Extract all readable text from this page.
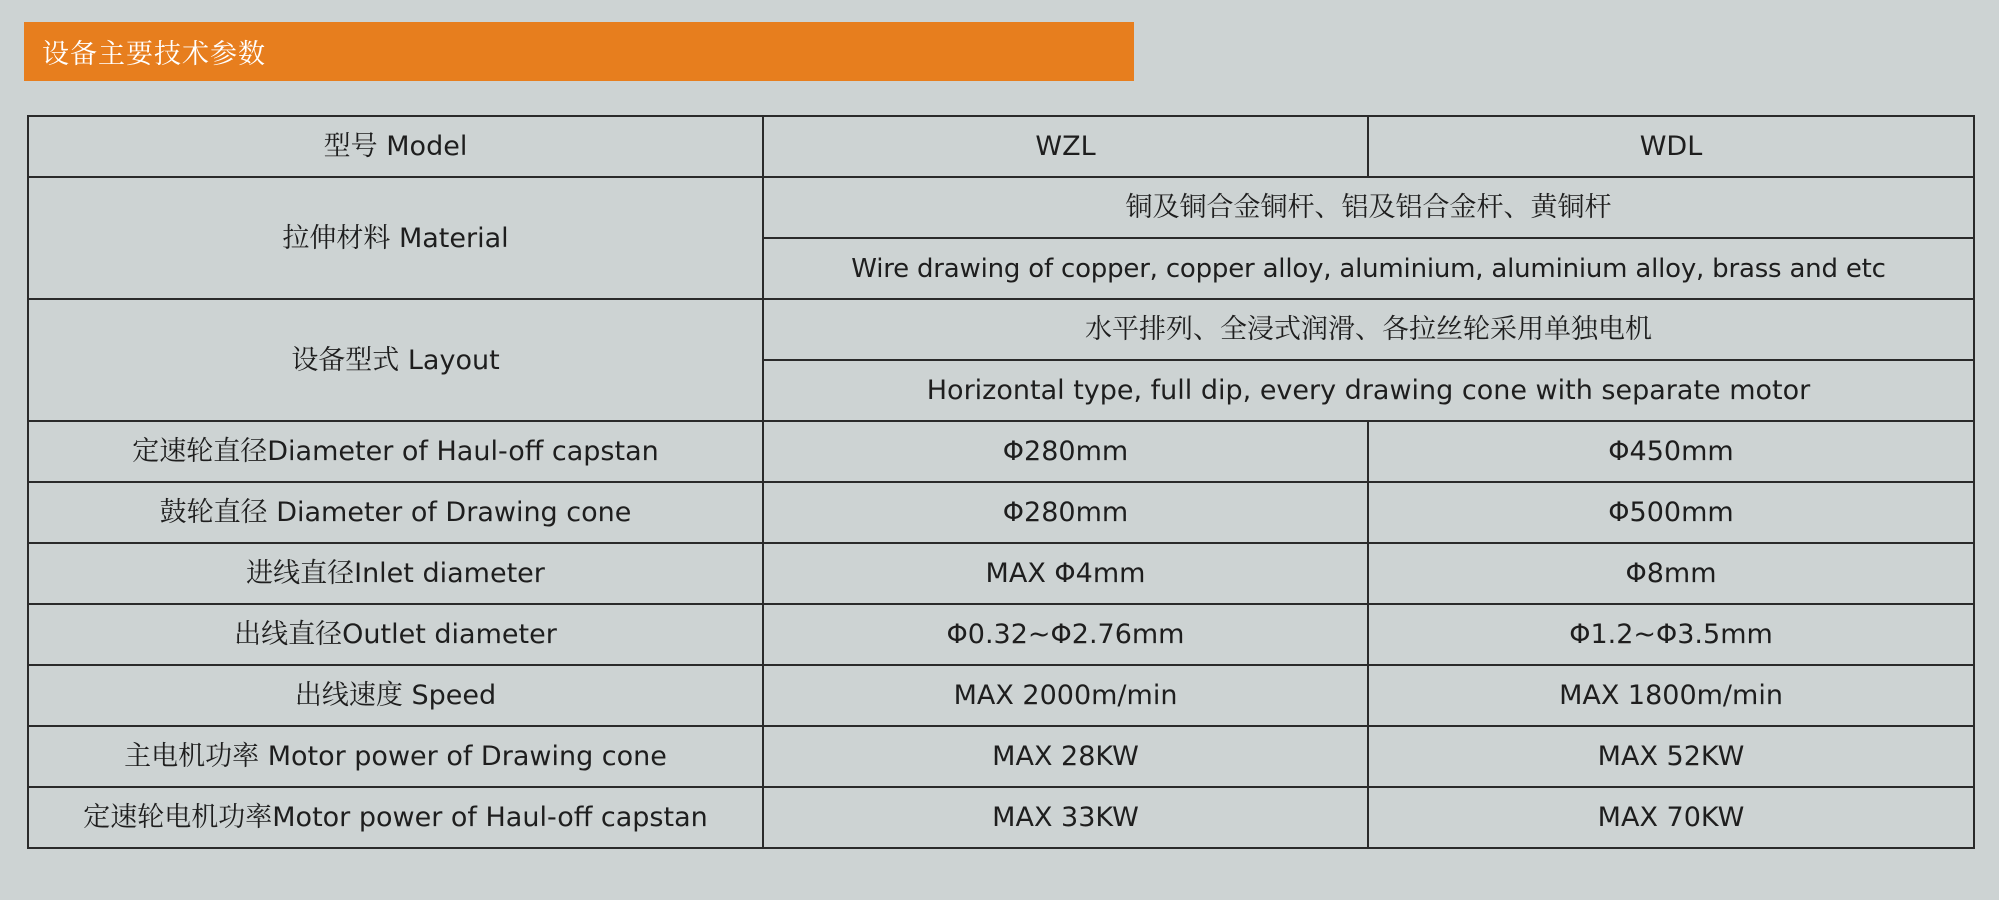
设备主要技术参数
型号 Model	WZL	WDL
拉伸材料 Material	铜及铜合金铜杆、铝及铝合金杆、黄铜杆	
	Wire drawing of copper, copper alloy, aluminium, aluminium alloy, brass and etc	
设备型式 Layout	水平排列、全浸式润滑、各拉丝轮采用单独电机	
	Horizontal type, full dip, every drawing cone with separate motor	
定速轮直径Diameter of Haul-off capstan	Φ280mm	Φ450mm
鼓轮直径 Diameter of Drawing cone	Φ280mm	Φ500mm
进线直径Inlet diameter	MAX Φ4mm	Φ8mm
出线直径Outlet diameter	Φ0.32~Φ2.76mm	Φ1.2~Φ3.5mm
出线速度 Speed	MAX 2000m/min	MAX 1800m/min
主电机功率 Motor power of Drawing cone	MAX 28KW	MAX 52KW
定速轮电机功率Motor power of Haul-off capstan	MAX 33KW	MAX 70KW
